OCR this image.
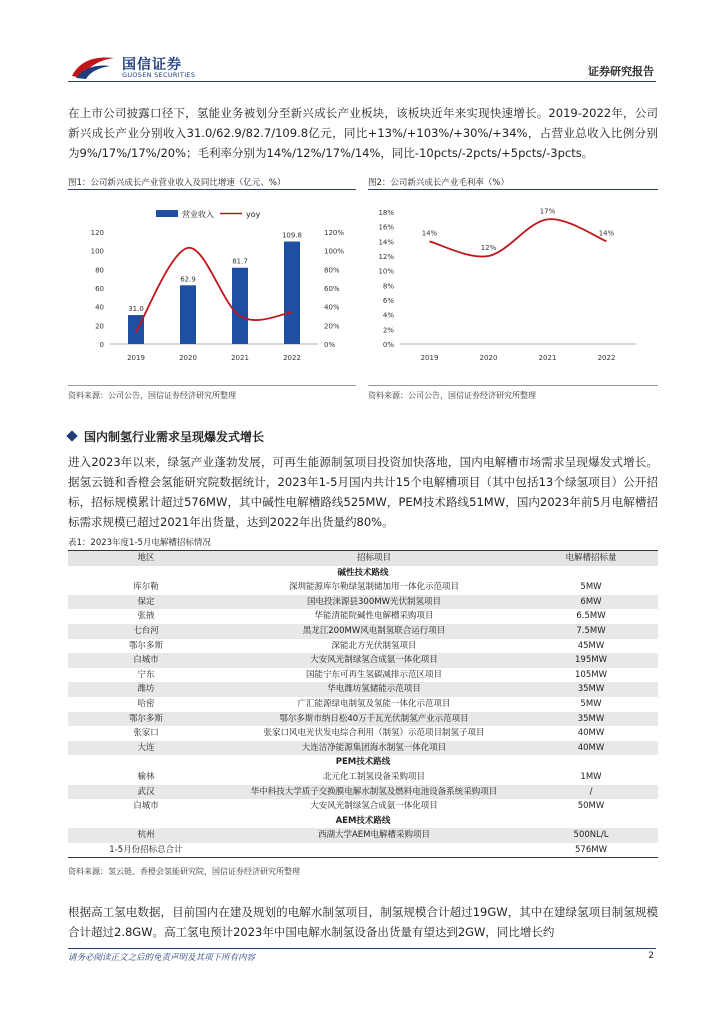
国信证券
GUOSEN SECURITIES	证券研究报告
在上市公司披露口径下，氢能业务被划分至新兴成长产业板块，该板块近年来实现快速增长。2019-2022年，公司新兴成长产业分别收入31.0/62.9/82.7/109.8亿元，同比+13%/+103%/+30%/+34%，占营业总收入比例分别为9%/17%/17%/20%；毛利率分别为14%/12%/17%/14%，同比-10pcts/-2pcts/+5pcts/-3pcts。
图1：公司新兴成长产业营业收入及同比增速（亿元、%）
营业收入	yoy
0
20
40
60
80
100
120
0%
20%
40%
60%
80%
100%
120%
2019	2020	2021	2022
31.0
62.9
81.7
109.8
资料来源：公司公告，国信证券经济研究所整理
图2：公司新兴成长产业毛利率（%）
0%
2%
4%
6%
8%
10%
12%
14%
16%
18%
2019	2020	2021	2022
14%
12%
17%
14%
资料来源：公司公告，国信证券经济研究所整理
国内制氢行业需求呈现爆发式增长
进入2023年以来，绿氢产业蓬勃发展，可再生能源制氢项目投资加快落地，国内电解槽市场需求呈现爆发式增长。据氢云链和香橙会氢能研究院数据统计，2023年1-5月国内共计15个电解槽项目（其中包括13个绿氢项目）公开招标，招标规模累计超过576MW，其中碱性电解槽路线525MW，PEM技术路线51MW，国内2023年前5月电解槽招标需求规模已超过2021年出货量，达到2022年出货量约80%。
表1：2023年度1-5月电解槽招标情况
地区	招标项目	电解槽招标量
碱性技术路线		
库尔勒	深圳能源库尔勒绿氢制储加用一体化示范项目	5MW
保定	国电投涞源县300MW光伏制氢项目	6MW
张掖	华能清能院碱性电解槽采购项目	6.5MW
七台河	黑龙江200MW风电制氢联合运行项目	7.5MW
鄂尔多斯	深能北方光伏制氢项目	45MW
白城市	大安风光制绿氢合成氨一体化项目	195MW
宁东	国能宁东可再生氢碳减排示范区项目	105MW
潍坊	华电潍坊氢储能示范项目	35MW
哈密	广汇能源绿电制氢及氢能一体化示范项目	5MW
鄂尔多斯	鄂尔多斯市纳日松40万千瓦光伏制氢产业示范项目	35MW
张家口	张家口风电光伏发电综合利用（制氢）示范项目制氢子项目	40MW
大连	大连洁净能源集团海水制氢一体化项目	40MW
PEM技术路线		
榆林	北元化工制氢设备采购项目	1MW
武汉	华中科技大学质子交换膜电解水制氢及燃料电池设备系统采购项目	/
白城市	大安风光制绿氢合成氨一体化项目	50MW
AEM技术路线		
杭州	西湖大学AEM电解槽采购项目	500NL/L
1-5月份招标总合计		576MW
资料来源：氢云链、香橙会氢能研究院，国信证券经济研究所整理
根据高工氢电数据，目前国内在建及规划的电解水制氢项目，制氢规模合计超过19GW，其中在建绿氢项目制氢规模合计超过2.8GW。高工氢电预计2023年中国电解水制氢设备出货量有望达到2GW，同比增长约
请务必阅读正文之后的免责声明及其项下所有内容	2
